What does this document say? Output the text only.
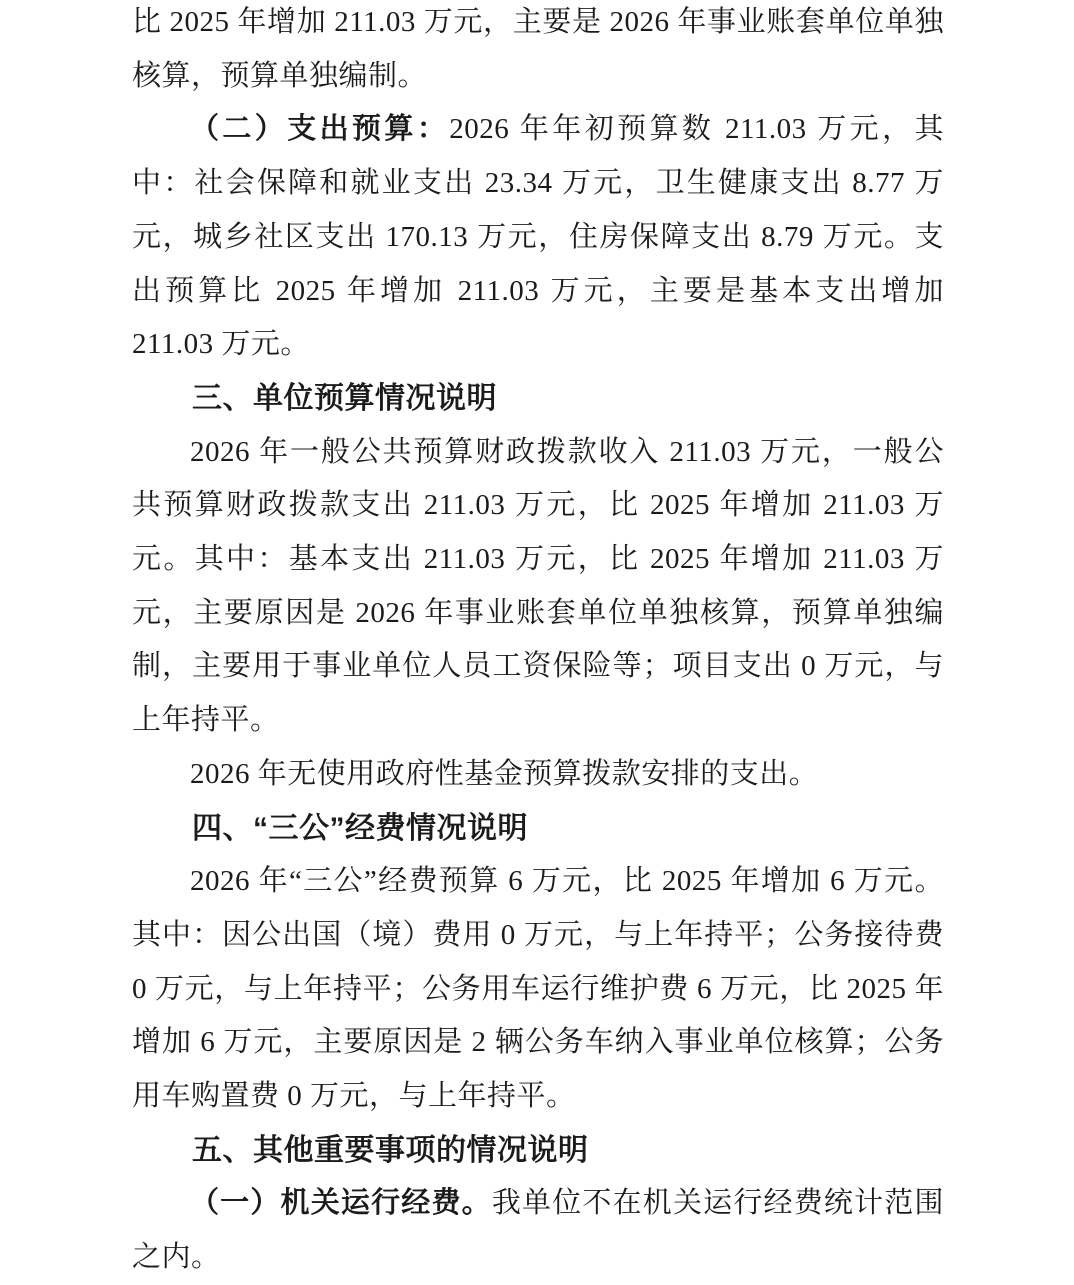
比 2025 年增加 211.03 万元，主要是 2026 年事业账套单位单独核算，预算单独编制。

（二）支出预算：2026 年年初预算数 211.03 万元，其中：社会保障和就业支出 23.34 万元，卫生健康支出 8.77 万元，城乡社区支出 170.13 万元，住房保障支出 8.79 万元。支出预算比 2025 年增加 211.03 万元，主要是基本支出增加 211.03 万元。

三、单位预算情况说明

2026 年一般公共预算财政拨款收入 211.03 万元，一般公共预算财政拨款支出 211.03 万元，比 2025 年增加 211.03 万元。其中：基本支出 211.03 万元，比 2025 年增加 211.03 万元，主要原因是 2026 年事业账套单位单独核算，预算单独编制，主要用于事业单位人员工资保险等；项目支出 0 万元，与上年持平。

2026 年无使用政府性基金预算拨款安排的支出。

四、“三公”经费情况说明

2026 年“三公”经费预算 6 万元，比 2025 年增加 6 万元。其中：因公出国（境）费用 0 万元，与上年持平；公务接待费 0 万元，与上年持平；公务用车运行维护费 6 万元，比 2025 年增加 6 万元，主要原因是 2 辆公务车纳入事业单位核算；公务用车购置费 0 万元，与上年持平。

五、其他重要事项的情况说明

（一）机关运行经费。我单位不在机关运行经费统计范围之内。
